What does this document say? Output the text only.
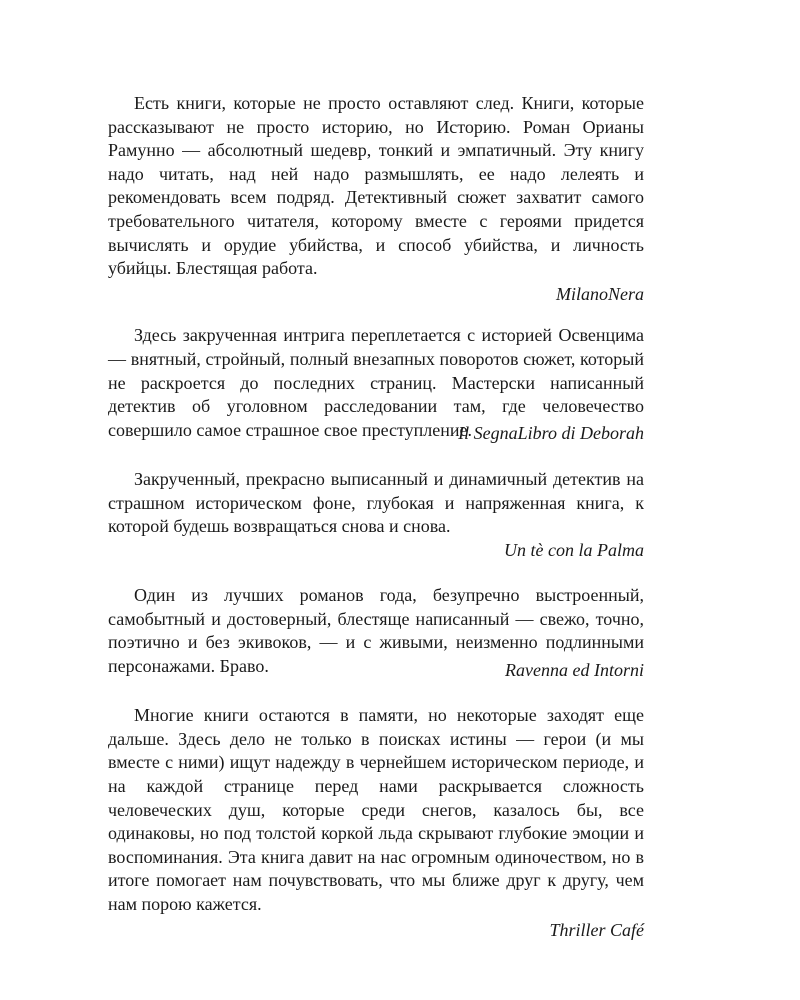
Есть книги, которые не просто оставляют след. Книги, которые рассказывают не просто историю, но Историю. Роман Орианы Рамунно — абсолютный шедевр, тонкий и эмпатичный. Эту книгу надо читать, над ней надо размышлять, ее надо лелеять и рекомендовать всем подряд. Детективный сюжет захватит самого требовательного читателя, которому вместе с героями придется вычислять и орудие убийства, и способ убийства, и личность убийцы. Блестящая работа.

MilanoNera

Здесь закрученная интрига переплетается с историей Освенцима — внятный, стройный, полный внезапных поворотов сюжет, который не раскроется до последних страниц. Мастерски написанный детектив об уголовном расследовании там, где человечество совершило самое страшное свое преступление.

Il SegnaLibro di Deborah

Закрученный, прекрасно выписанный и динамичный детектив на страшном историческом фоне, глубокая и напряженная книга, к которой будешь возвращаться снова и снова.

Un tè con la Palma

Один из лучших романов года, безупречно выстроенный, самобытный и достоверный, блестяще написанный — свежо, точно, поэтично и без экивоков, — и с живыми, неизменно подлинными персонажами. Браво.	Ravenna ed Intorni

Многие книги остаются в памяти, но некоторые заходят еще дальше. Здесь дело не только в поисках истины — герои (и мы вместе с ними) ищут надежду в чернейшем историческом периоде, и на каждой странице перед нами раскрывается сложность человеческих душ, которые среди снегов, казалось бы, все одинаковы, но под толстой коркой льда скрывают глубокие эмоции и воспоминания. Эта книга давит на нас огромным одиночеством, но в итоге помогает нам почувствовать, что мы ближе друг к другу, чем нам порою кажется.

Thriller Café
